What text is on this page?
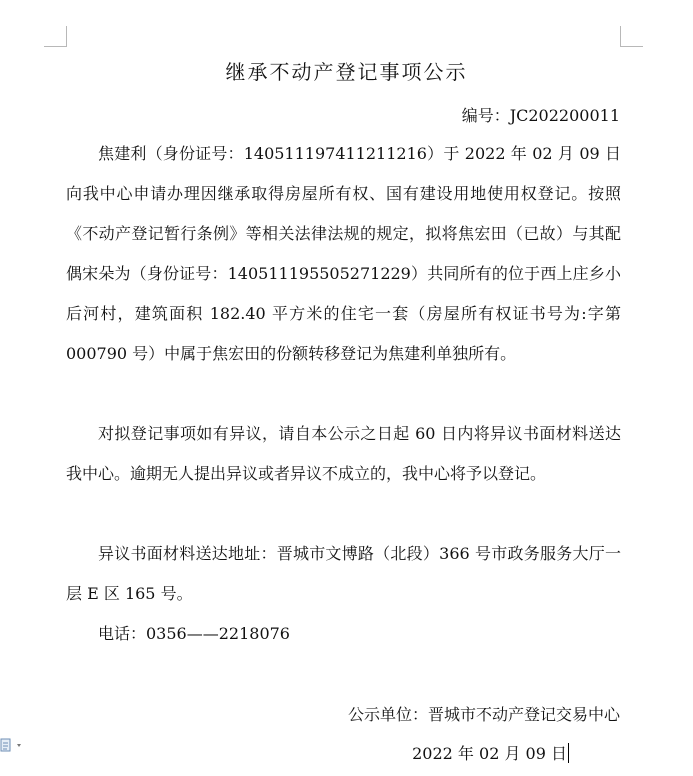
继承不动产登记事项公示
编号：JC202200011

焦建利（身份证号：140511197411211216）于 2022 年 02 月 09 日向我中心申请办理因继承取得房屋所有权、国有建设用地使用权登记。按照《不动产登记暂行条例》等相关法律法规的规定，拟将焦宏田（已故）与其配偶宋朵为（身份证号：140511195505271229）共同所有的位于西上庄乡小后河村，建筑面积 182.40 平方米的住宅一套（房屋所有权证书号为:字第 000790 号）中属于焦宏田的份额转移登记为焦建利单独所有。

对拟登记事项如有异议，请自本公示之日起 60 日内将异议书面材料送达我中心。逾期无人提出异议或者异议不成立的，我中心将予以登记。

异议书面材料送达地址：晋城市文博路（北段）366 号市政务服务大厅一层 E 区 165 号。

电话：0356——2218076

公示单位：晋城市不动产登记交易中心
2022 年 02 月 09 日
